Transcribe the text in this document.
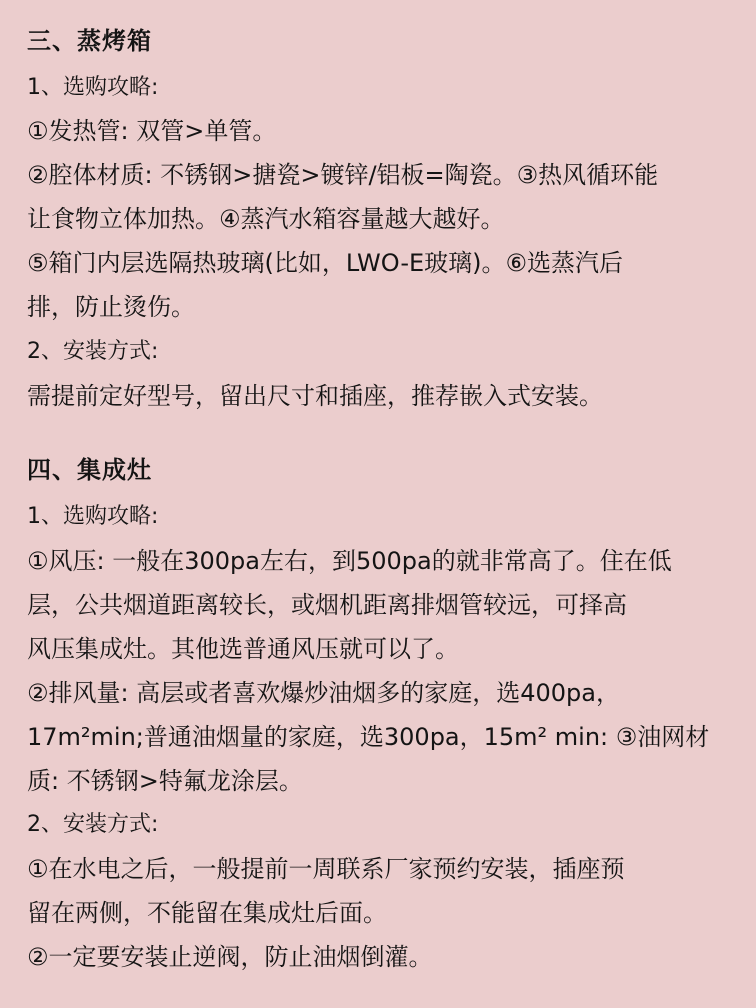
三、蒸烤箱

1、选购攻略:

①发热管: 双管>单管。

②腔体材质: 不锈钢>搪瓷>镀锌/铝板=陶瓷。③热风循环能

让食物立体加热。④蒸汽水箱容量越大越好。

⑤箱门内层选隔热玻璃(比如，LWO-E玻璃)。⑥选蒸汽后

排，防止烫伤。

2、安装方式:

需提前定好型号，留出尺寸和插座，推荐嵌入式安装。

四、集成灶

1、选购攻略:

①风压: 一般在300pa左右，到500pa的就非常高了。住在低

层，公共烟道距离较长，或烟机距离排烟管较远，可择高

风压集成灶。其他选普通风压就可以了。

②排风量: 高层或者喜欢爆炒油烟多的家庭，选400pa，

17m²min;普通油烟量的家庭，选300pa，15m² min: ③油网材

质: 不锈钢>特氟龙涂层。

2、安装方式:

①在水电之后，一般提前一周联系厂家预约安装，插座预

留在两侧，不能留在集成灶后面。

②一定要安装止逆阀，防止油烟倒灌。
